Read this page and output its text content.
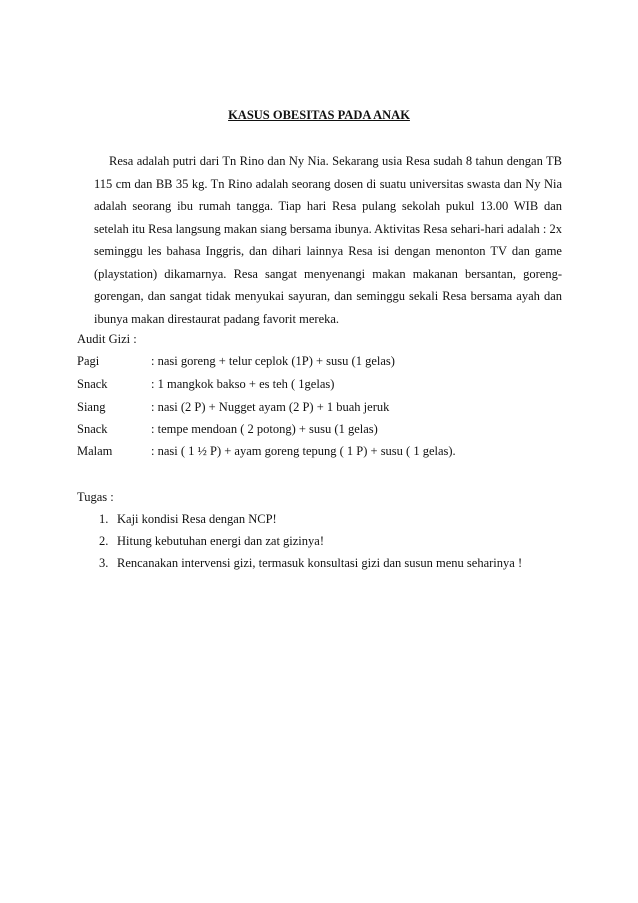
KASUS OBESITAS PADA ANAK

Resa adalah putri dari Tn Rino dan Ny Nia. Sekarang usia Resa sudah 8 tahun dengan TB 115 cm dan BB 35 kg. Tn Rino adalah seorang dosen di suatu universitas swasta dan Ny Nia adalah seorang ibu rumah tangga. Tiap hari Resa pulang sekolah pukul 13.00 WIB dan setelah itu Resa langsung makan siang bersama ibunya. Aktivitas Resa sehari-hari adalah : 2x seminggu les bahasa Inggris, dan dihari lainnya Resa isi dengan menonton TV dan game (playstation) dikamarnya. Resa sangat menyenangi makan makanan bersantan, goreng-gorengan, dan sangat tidak menyukai sayuran, dan seminggu sekali Resa bersama ayah dan ibunya makan direstaurat padang favorit mereka.

Audit Gizi :

Pagi	: nasi goreng + telur ceplok (1P) + susu (1 gelas)

Snack	: 1 mangkok bakso + es teh ( 1gelas)

Siang	: nasi (2 P) + Nugget ayam (2 P) + 1 buah jeruk

Snack	: tempe mendoan ( 2 potong) + susu (1 gelas)

Malam	: nasi ( 1 ½ P) + ayam goreng tepung ( 1 P) + susu ( 1 gelas).

Tugas :

1. Kaji kondisi Resa dengan NCP!

2. Hitung kebutuhan energi dan zat gizinya!

3. Rencanakan intervensi gizi, termasuk konsultasi gizi dan susun menu seharinya !
